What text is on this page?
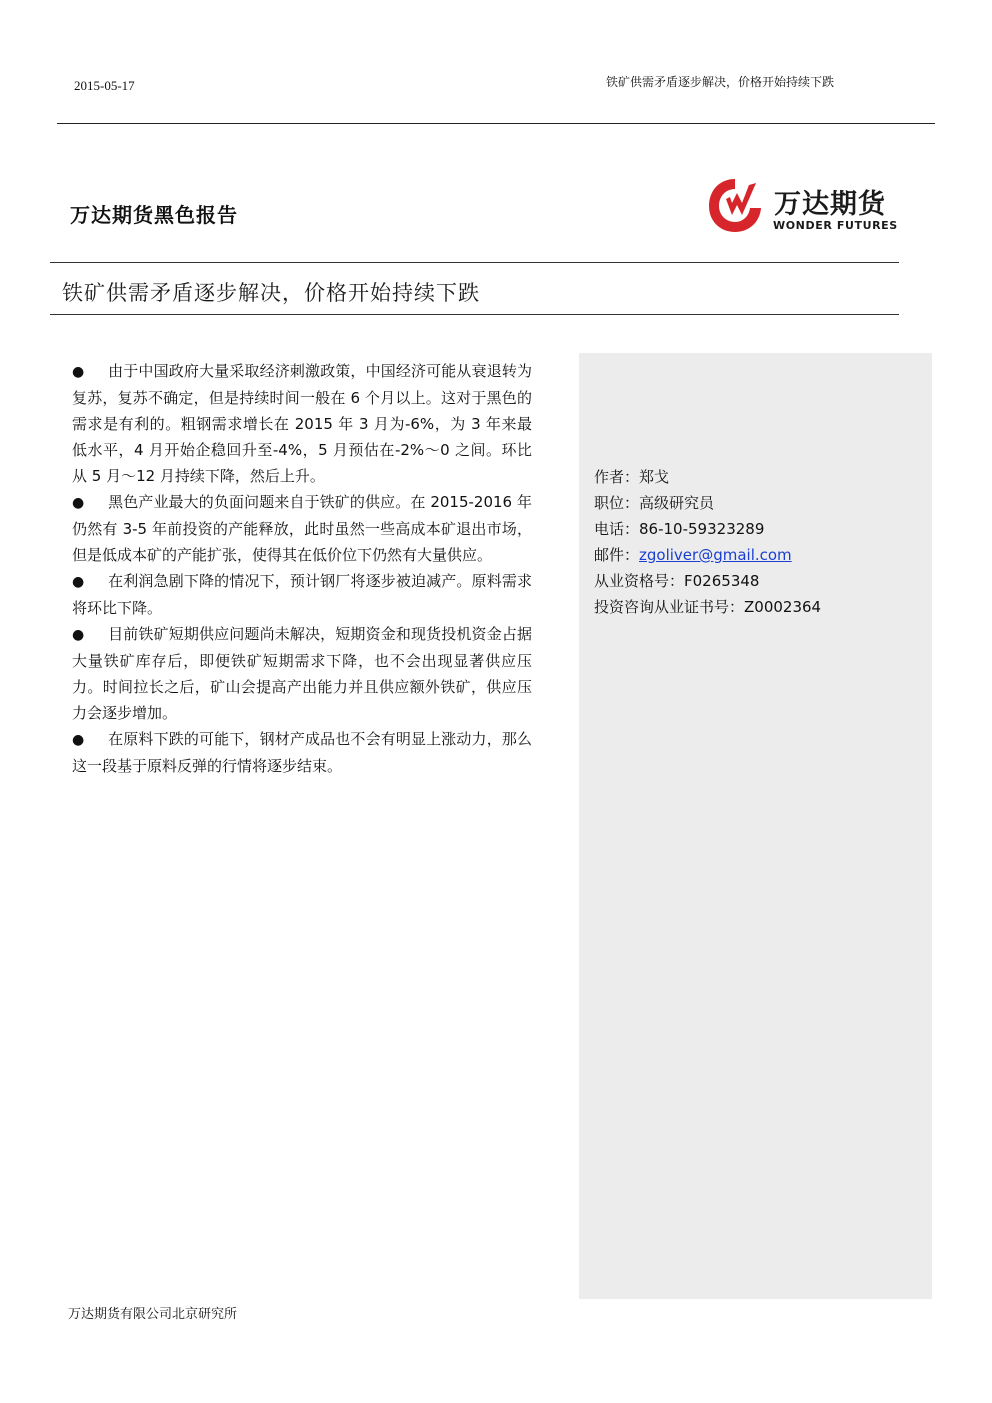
2015-05-17	铁矿供需矛盾逐步解决，价格开始持续下跌
万达期货黑色报告	万达期货
WONDER FUTURES
铁矿供需矛盾逐步解决，价格开始持续下跌

● 由于中国政府大量采取经济刺激政策，中国经济可能从衰退转为复苏，复苏不确定，但是持续时间一般在 6 个月以上。这对于黑色的需求是有利的。粗钢需求增长在 2015 年 3 月为-6%，为 3 年来最低水平，4 月开始企稳回升至-4%，5 月预估在-2%～0 之间。环比从 5 月～12 月持续下降，然后上升。

● 黑色产业最大的负面问题来自于铁矿的供应。在 2015-2016 年仍然有 3-5 年前投资的产能释放，此时虽然一些高成本矿退出市场，但是低成本矿的产能扩张，使得其在低价位下仍然有大量供应。

● 在利润急剧下降的情况下，预计钢厂将逐步被迫减产。原料需求将环比下降。

● 目前铁矿短期供应问题尚未解决，短期资金和现货投机资金占据大量铁矿库存后，即便铁矿短期需求下降，也不会出现显著供应压力。时间拉长之后，矿山会提高产出能力并且供应额外铁矿，供应压力会逐步增加。

● 在原料下跌的可能下，钢材产成品也不会有明显上涨动力，那么这一段基于原料反弹的行情将逐步结束。

作者：郑戈
职位：高级研究员
电话：86-10-59323289
邮件：zgoliver@gmail.com
从业资格号：F0265348
投资咨询从业证书号：Z0002364
万达期货有限公司北京研究所
